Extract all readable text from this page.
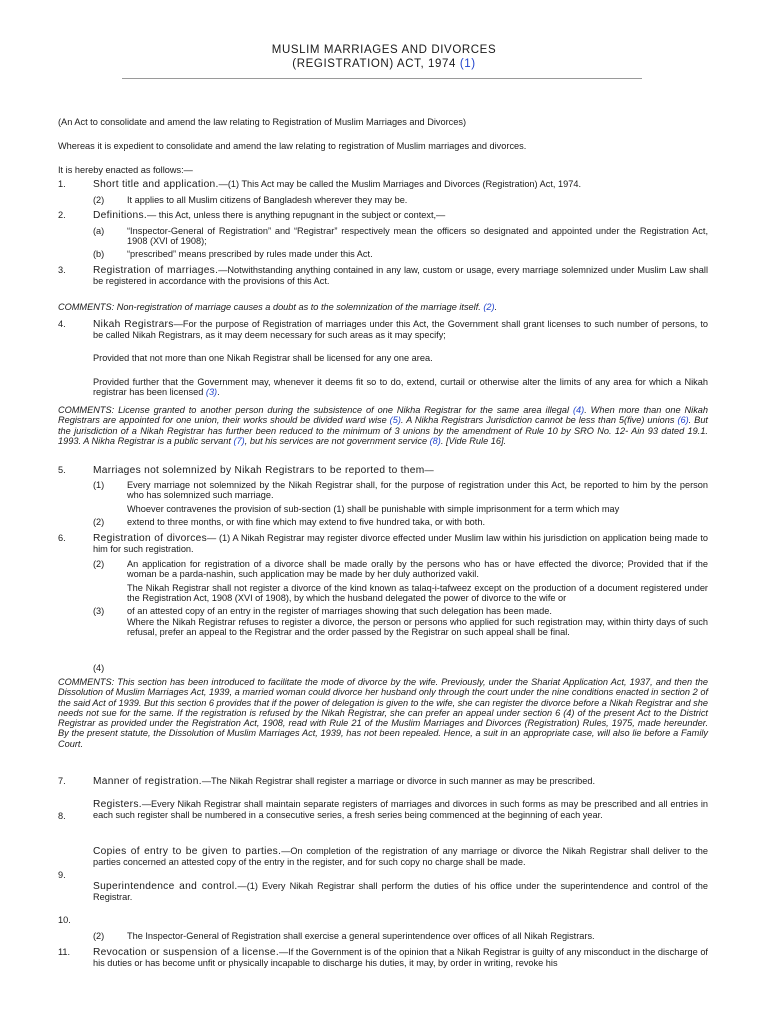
MUSLIM MARRIAGES AND DIVORCES
(REGISTRATION) ACT, 1974 (1)
(An Act to consolidate and amend the law relating to Registration of Muslim Marriages and Divorces)
Whereas it is expedient to consolidate and amend the law relating to registration of Muslim marriages and divorces.
It is hereby enacted as follows:—
1.	Short title and application.—(1) This Act may be called the Muslim Marriages and Divorces (Registration) Act, 1974.
(2) It applies to all Muslim citizens of Bangladesh wherever they may be.
2.	Definitions.— this Act, unless there is anything repugnant in the subject or context,—
(a) “Inspector-General of Registration” and “Registrar” respectively mean the officers so designated and appointed under the Registration Act, 1908 (XVI of 1908);
(b) “prescribed” means prescribed by rules made under this Act.
3.	Registration of marriages.—Notwithstanding anything contained in any law, custom or usage, every marriage solemnized under Muslim Law shall be registered in accordance with the provisions of this Act.
COMMENTS: Non-registration of marriage causes a doubt as to the solemnization of the marriage itself. (2).
4.	Nikah Registrars—For the purpose of Registration of marriages under this Act, the Government shall grant licenses to such number of persons, to be called Nikah Registrars, as it may deem necessary for such areas as it may specify;
Provided that not more than one Nikah Registrar shall be licensed for any one area.
Provided further that the Government may, whenever it deems fit so to do, extend, curtail or otherwise alter the limits of any area for which a Nikah registrar has been licensed (3).
COMMENTS: License granted to another person during the subsistence of one Nikha Registrar for the same area illegal (4). When more than one Nikah Registrars are appointed for one union, their works should be divided ward wise (5). A Nikha Registrars Jurisdiction cannot be less than 5(five) unions (6). But the jurisdiction of a Nikah Registrar has further been reduced to the minimum of 3 unions by the amendment of Rule 10 by SRO No. 12- Ain 93 dated 19.1. 1993. A Nikha Registrar is a public servant (7), but his services are not government service (8). [Vide Rule 16].
5.	Marriages not solemnized by Nikah Registrars to be reported to them—
(1) Every marriage not solemnized by the Nikah Registrar shall, for the purpose of registration under this Act, be reported to him by the person who has solemnized such marriage.
Whoever contravenes the provision of sub-section (1) shall be punishable with simple imprisonment for a term which may
(2) extend to three months, or with fine which may extend to five hundred taka, or with both.
6.	Registration of divorces— (1) A Nikah Registrar may register divorce effected under Muslim law within his jurisdiction on application being made to him for such registration.
(2) An application for registration of a divorce shall be made orally by the persons who has or have effected the divorce; Provided that if the woman be a parda-nashin, such application may be made by her duly authorized vakil.
The Nikah Registrar shall not register a divorce of the kind known as talaq-i-tafweez except on the production of a document registered under the Registration Act, 1908 (XVI of 1908), by which the husband delegated the power of divorce to the wife or
(3) of an attested copy of an entry in the register of marriages showing that such delegation has been made.
Where the Nikah Registrar refuses to register a divorce, the person or persons who applied for such registration may, within thirty days of such refusal, prefer an appeal to the Registrar and the order passed by the Registrar on such appeal shall be final.
(4)
COMMENTS: This section has been introduced to facilitate the mode of divorce by the wife. Previously, under the Shariat Application Act, 1937, and then the Dissolution of Muslim Marriages Act, 1939, a married woman could divorce her husband only through the court under the nine conditions enacted in section 2 of the said Act of 1939. But this section 6 provides that if the power of delegation is given to the wife, she can register the divorce before a Nikah Registrar and she needs not sue for the same. If the registration is refused by the Nikah Registrar, she can prefer an appeal under section 6 (4) of the present Act to the District Registrar as provided under the Registration Act, 1908, read with Rule 21 of the Muslim Marriages and Divorces (Registration) Rules, 1975, made hereunder. By the present statute, the Dissolution of Muslim Marriages Act, 1939, has not been repealed. Hence, a suit in an appropriate case, will also lie before a Family Court.
7.	Manner of registration.—The Nikah Registrar shall register a marriage or divorce in such manner as may be prescribed.
8.
Registers.—Every Nikah Registrar shall maintain separate registers of marriages and divorces in such forms as may be prescribed and all entries in each such register shall be numbered in a consecutive series, a fresh series being commenced at the beginning of each year.
9.
Copies of entry to be given to parties.—On completion of the registration of any marriage or divorce the Nikah Registrar shall deliver to the parties concerned an attested copy of the entry in the register, and for such copy no charge shall be made.
10.
Superintendence and control.—(1) Every Nikah Registrar shall perform the duties of his office under the superintendence and control of the Registrar.
(2) The Inspector-General of Registration shall exercise a general superintendence over offices of all Nikah Registrars.
11. Revocation or suspension of a license.—If the Government is of the opinion that a Nikah Registrar is guilty of any misconduct in the discharge of his duties or has become unfit or physically incapable to discharge his duties, it may, by order in writing, revoke his
